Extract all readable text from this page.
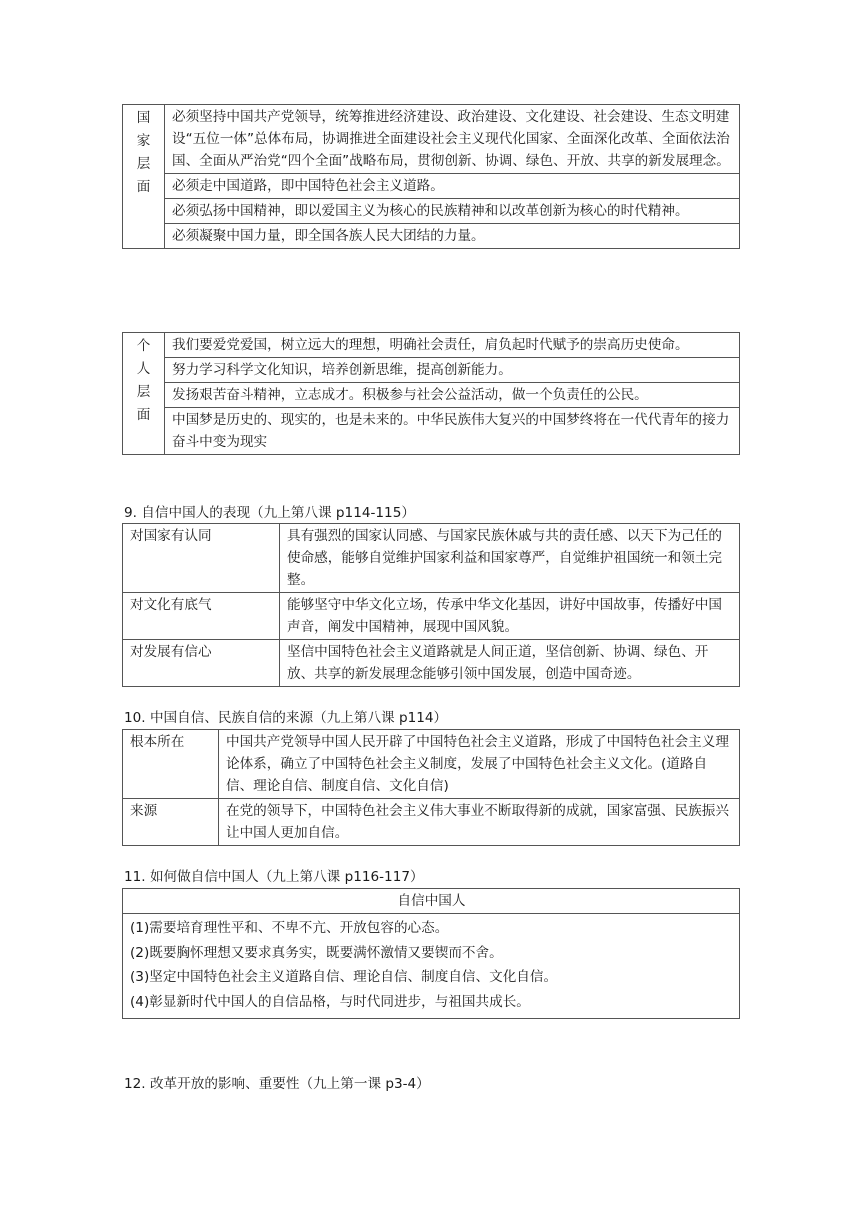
国
家
层
面
	必须坚持中国共产党领导，统筹推进经济建设、政治建设、文化建设、社会建设、生态文明建设“五位一体”总体布局，协调推进全面建设社会主义现代化国家、全面深化改革、全面依法治国、全面从严治党“四个全面”战略布局，贯彻创新、协调、绿色、开放、共享的新发展理念。
必须走中国道路，即中国特色社会主义道路。
必须弘扬中国精神，即以爱国主义为核心的民族精神和以改革创新为核心的时代精神。
必须凝聚中国力量，即全国各族人民大团结的力量。
个
人
层
面
	我们要爱党爱国，树立远大的理想，明确社会责任，肩负起时代赋予的崇高历史使命。
努力学习科学文化知识，培养创新思维，提高创新能力。
发扬艰苦奋斗精神，立志成才。积极参与社会公益活动，做一个负责任的公民。
中国梦是历史的、现实的，也是未来的。中华民族伟大复兴的中国梦终将在一代代青年的接力奋斗中变为现实
9. 自信中国人的表现（九上第八课 p114-115）
对国家有认同	具有强烈的国家认同感、与国家民族休戚与共的责任感、以天下为己任的使命感，能够自觉维护国家利益和国家尊严，自觉维护祖国统一和领土完整。
对文化有底气	能够坚守中华文化立场，传承中华文化基因，讲好中国故事，传播好中国声音，阐发中国精神，展现中国风貌。
对发展有信心	坚信中国特色社会主义道路就是人间正道，坚信创新、协调、绿色、开放、共享的新发展理念能够引领中国发展，创造中国奇迹。
10. 中国自信、民族自信的来源（九上第八课 p114）
根本所在	中国共产党领导中国人民开辟了中国特色社会主义道路，形成了中国特色社会主义理论体系，确立了中国特色社会主义制度，发展了中国特色社会主义文化。(道路自信、理论自信、制度自信、文化自信)
来源	在党的领导下，中国特色社会主义伟大事业不断取得新的成就，国家富强、民族振兴让中国人更加自信。
11. 如何做自信中国人（九上第八课 p116-117）
自信中国人

(1)需要培育理性平和、不卑不亢、开放包容的心态。
(2)既要胸怀理想又要求真务实，既要满怀激情又要锲而不舍。
(3)坚定中国特色社会主义道路自信、理论自信、制度自信、文化自信。
(4)彰显新时代中国人的自信品格，与时代同进步，与祖国共成长。
12. 改革开放的影响、重要性（九上第一课 p3-4）
